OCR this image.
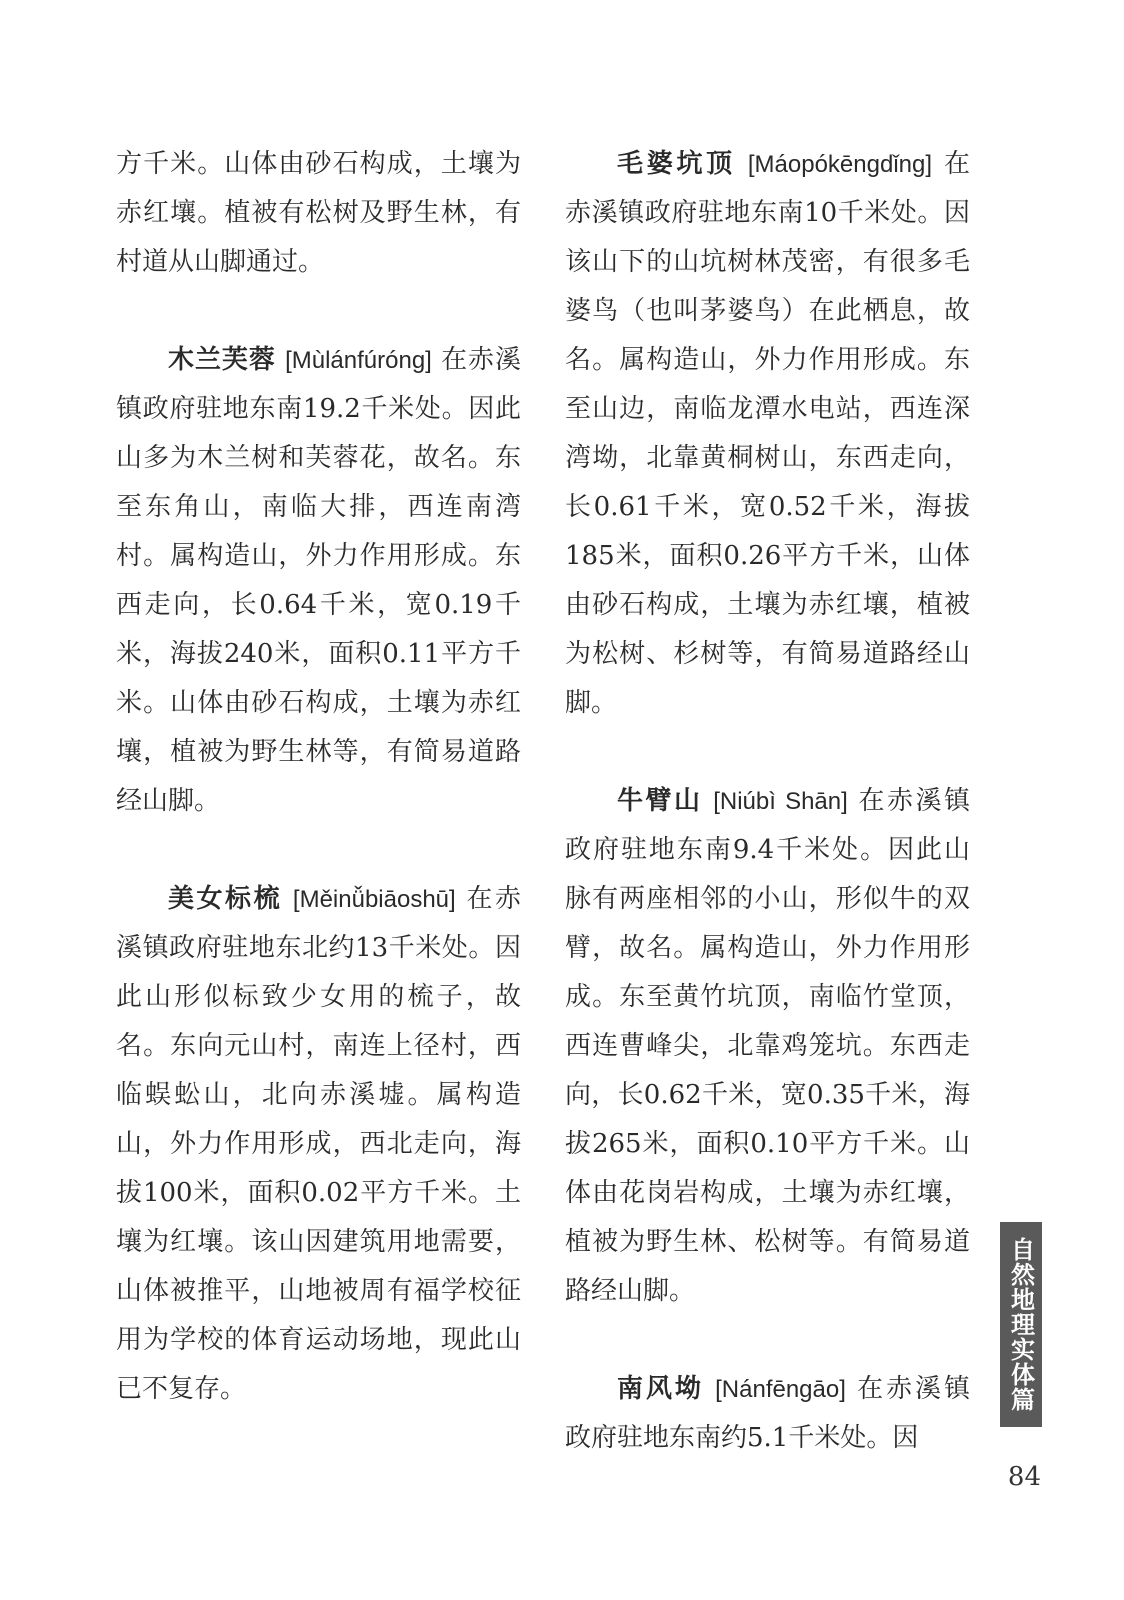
方千米。山体由砂石构成，土壤为赤红壤。植被有松树及野生林，有村道从山脚通过。

木兰芙蓉 [Mùlánfúróng] 在赤溪镇政府驻地东南19.2千米处。因此山多为木兰树和芙蓉花，故名。东至东角山，南临大排，西连南湾村。属构造山，外力作用形成。东西走向，长0.64千米，宽0.19千米，海拔240米，面积0.11平方千米。山体由砂石构成，土壤为赤红壤，植被为野生林等，有简易道路经山脚。

美女标梳 [Měinǚbiāoshū] 在赤溪镇政府驻地东北约13千米处。因此山形似标致少女用的梳子，故名。东向元山村，南连上径村，西临蜈蚣山，北向赤溪墟。属构造山，外力作用形成，西北走向，海拔100米，面积0.02平方千米。土壤为红壤。该山因建筑用地需要，山体被推平，山地被周有福学校征用为学校的体育运动场地，现此山已不复存。

毛婆坑顶 [Máopókēngdǐng] 在赤溪镇政府驻地东南10千米处。因该山下的山坑树林茂密，有很多毛婆鸟（也叫茅婆鸟）在此栖息，故名。属构造山，外力作用形成。东至山边，南临龙潭水电站，西连深湾坳，北靠黄桐树山，东西走向，长0.61千米，宽0.52千米，海拔185米，面积0.26平方千米，山体由砂石构成，土壤为赤红壤，植被为松树、杉树等，有简易道路经山脚。

牛臂山 [Niúbì Shān] 在赤溪镇政府驻地东南9.4千米处。因此山脉有两座相邻的小山，形似牛的双臂，故名。属构造山，外力作用形成。东至黄竹坑顶，南临竹堂顶，西连曹峰尖，北靠鸡笼坑。东西走向，长0.62千米，宽0.35千米，海拔265米，面积0.10平方千米。山体由花岗岩构成，土壤为赤红壤，植被为野生林、松树等。有简易道路经山脚。

南风坳 [Nánfēngāo] 在赤溪镇政府驻地东南约5.1千米处。因

自然地理实体篇
84
